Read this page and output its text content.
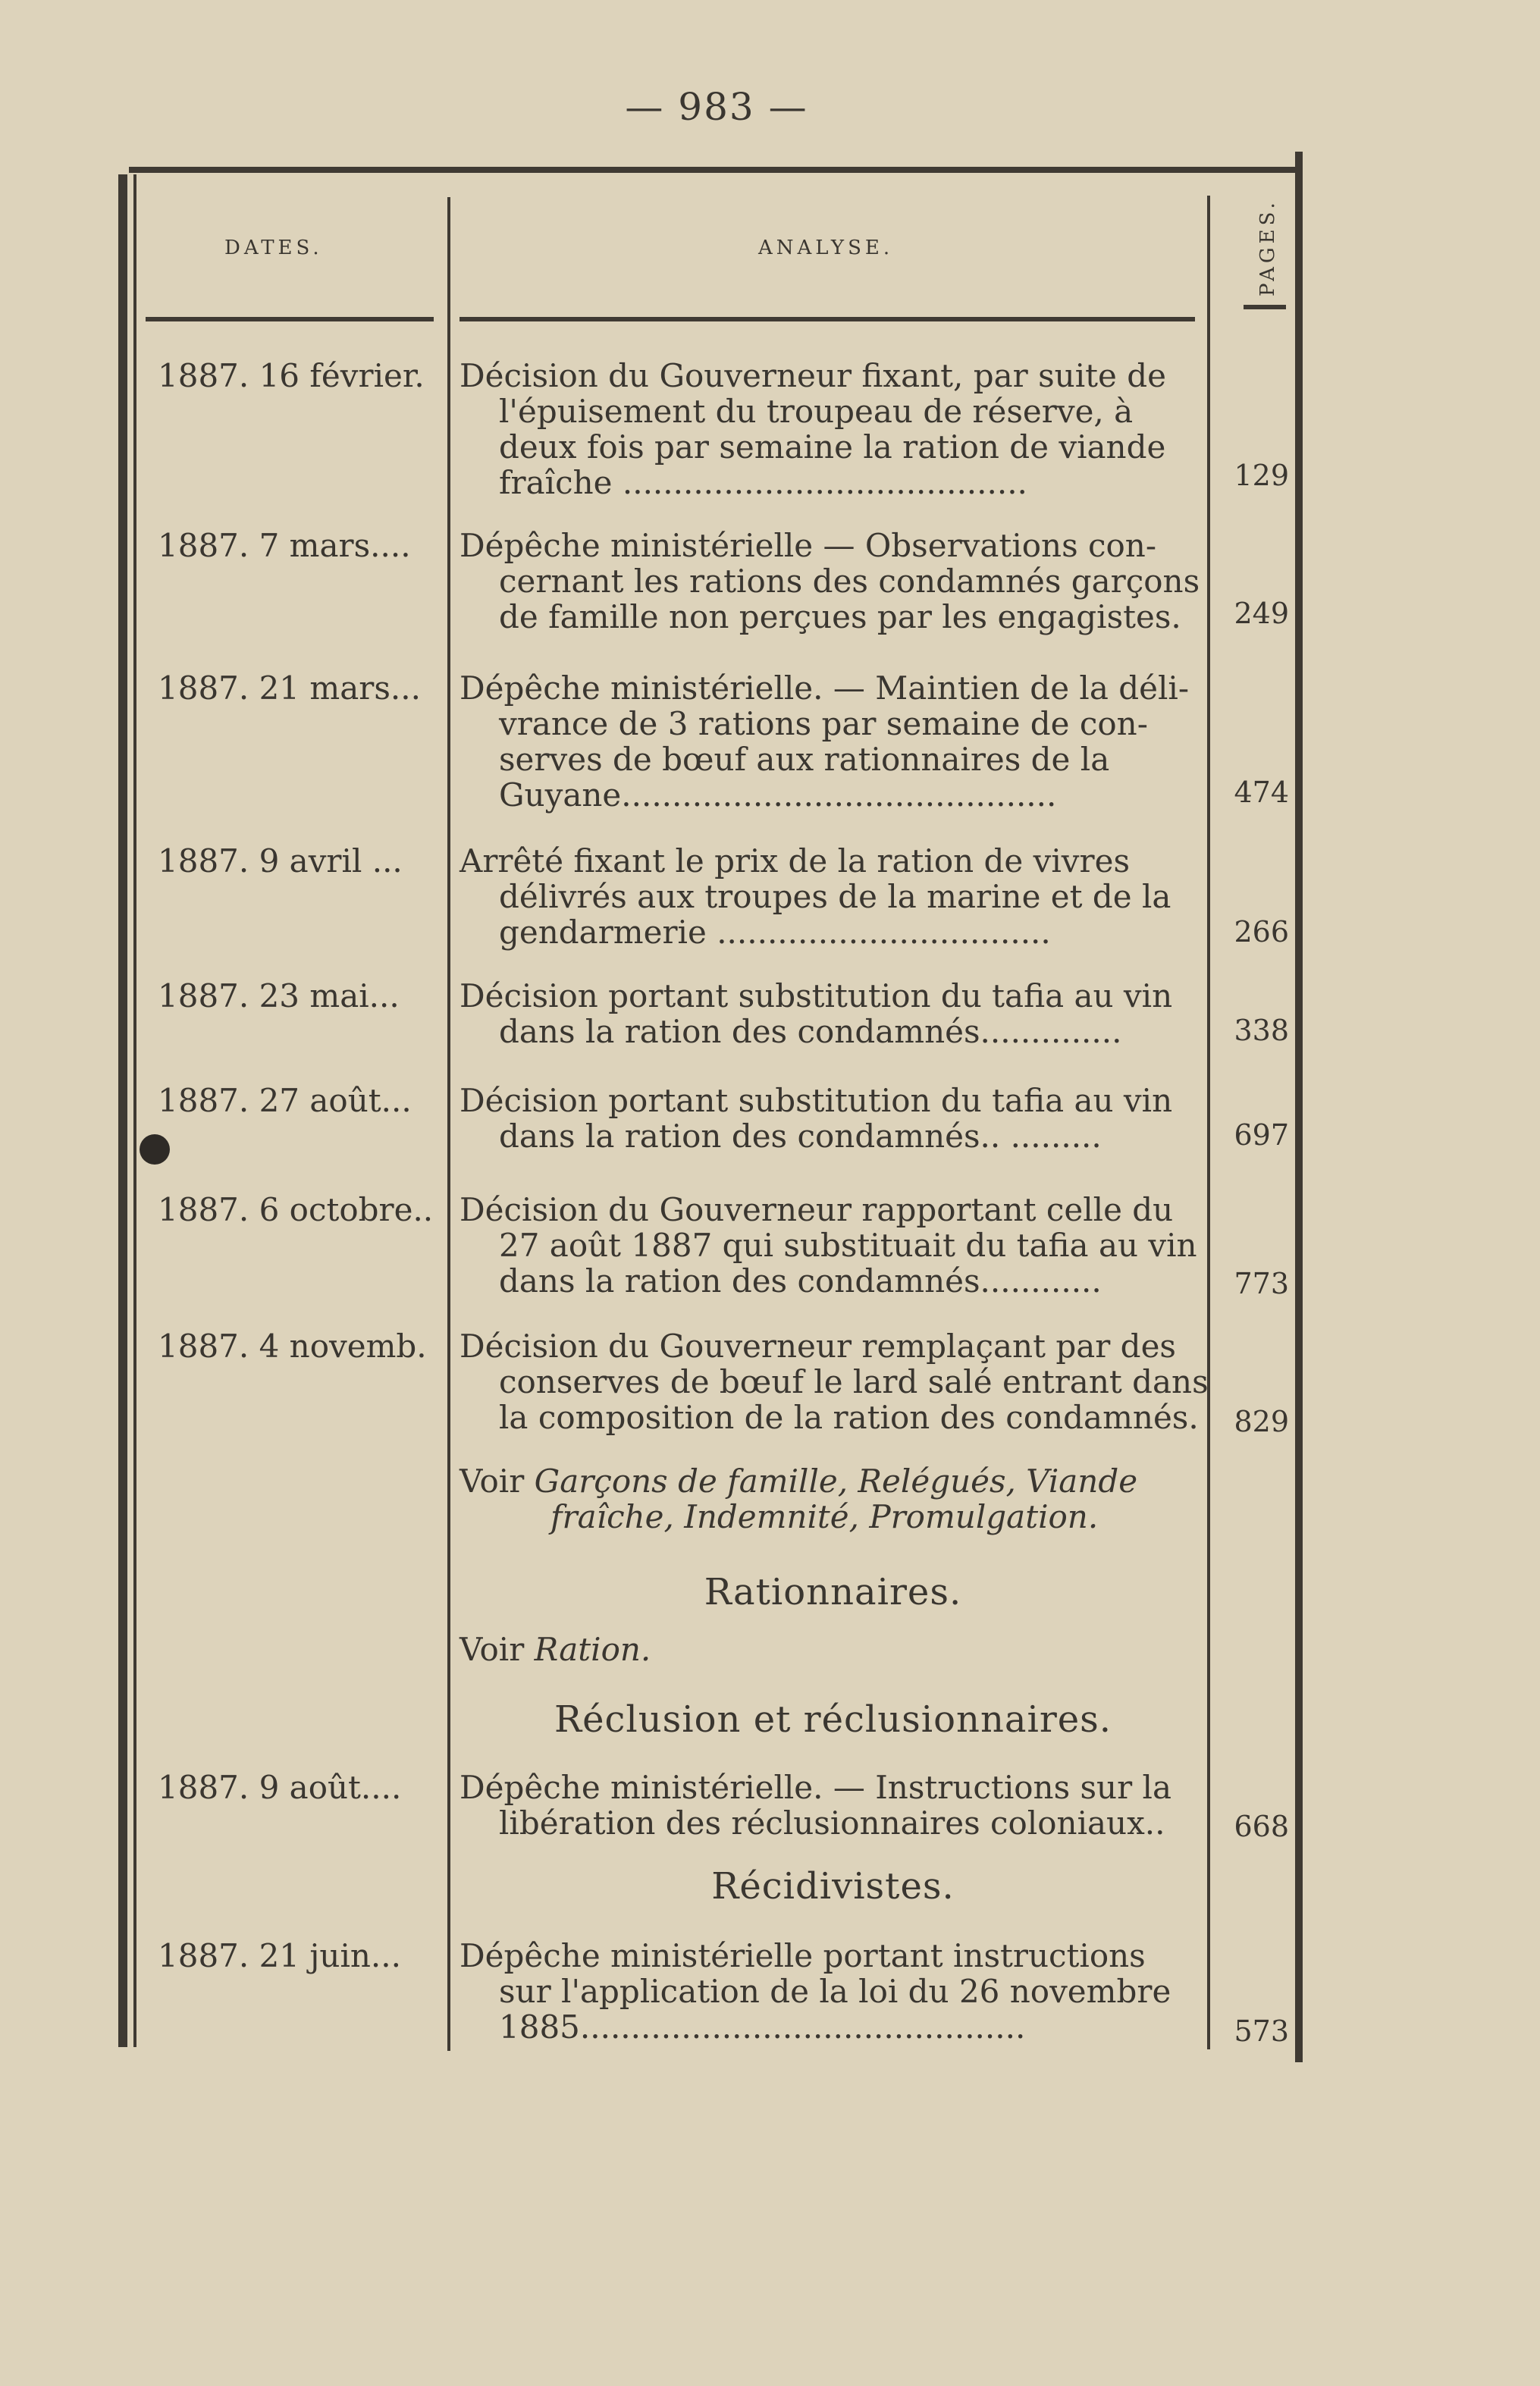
— 983 —
DATES.	ANALYSE.	PAGES.
1887. 16 février.	Décision du Gouverneur fixant, par suite de
l'épuisement du troupeau de réserve, à
deux fois par semaine la ration de viande
fraîche ........................................	129
1887. 7 mars....	Dépêche ministérielle — Observations con-
cernant les rations des condamnés garçons
de famille non perçues par les engagistes.	249
1887. 21 mars...	Dépêche ministérielle. — Maintien de la déli-
vrance de 3 rations par semaine de con-
serves de bœuf aux rationnaires de la
Guyane...........................................	474
1887. 9 avril ...	Arrêté fixant le prix de la ration de vivres
délivrés aux troupes de la marine et de la
gendarmerie .................................	266
1887. 23 mai...	Décision portant substitution du tafia au vin
dans la ration des condamnés..............	338
1887. 27 août...	Décision portant substitution du tafia au vin
dans la ration des condamnés.. .........	697
1887. 6 octobre.. Décision du Gouverneur rapportant celle du
27 août 1887 qui substituait du tafia au vin
dans la ration des condamnés............	773
1887. 4 novemb.	Décision du Gouverneur remplaçant par des
conserves de bœuf le lard salé entrant dans
la composition de la ration des condamnés. 829
Voir Garçons de famille, Relégués, Viande
fraîche, Indemnité, Promulgation.
Rationnaires.
Voir Ration.
Réclusion et réclusionnaires.
1887. 9 août....	Dépêche ministérielle. — Instructions sur la
libération des réclusionnaires coloniaux..	668
Récidivistes.
1887. 21 juin...	Dépêche ministérielle portant instructions
sur l'application de la loi du 26 novembre
1885............................................	573
